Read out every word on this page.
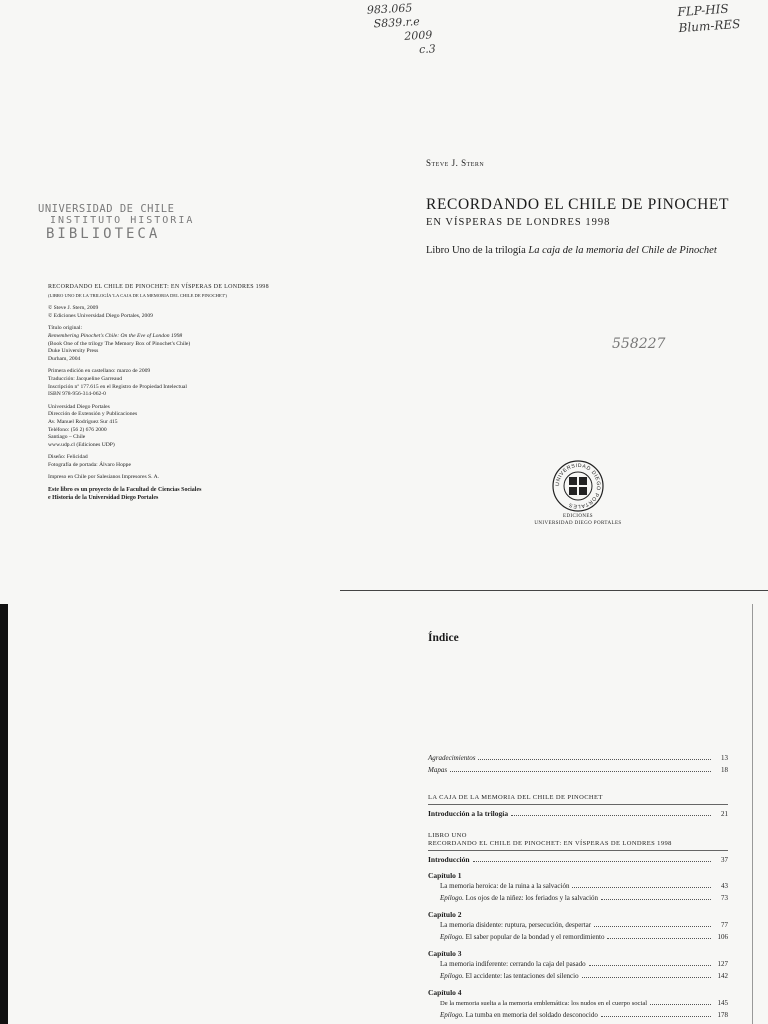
983.065
S839.r.e
2009
c.3
FLP-HIS
Blum-RES
558227
Steve J. Stern
RECORDANDO EL CHILE DE PINOCHET
EN VÍSPERAS DE LONDRES 1998
Libro Uno de la trilogía La caja de la memoria del Chile de Pinochet
UNIVERSIDAD DE CHILE
INSTITUTO HISTORIA
BIBLIOTECA

RECORDANDO EL CHILE DE PINOCHET: EN VÍSPERAS DE LONDRES 1998
(LIBRO UNO DE LA TRILOGÍA 'LA CAJA DE LA MEMORIA DEL CHILE DE PINOCHET')

© Steve J. Stern, 2009
© Ediciones Universidad Diego Portales, 2009

Título original:
Remembering Pinochet's Chile: On the Eve of London 1998
(Book One of the trilogy The Memory Box of Pinochet's Chile)
Duke University Press
Durham, 2004

Primera edición en castellano: marzo de 2009
Traducción: Jacqueline Garreaud
Inscripción nº 177.615 en el Registro de Propiedad Intelectual
ISBN 978-956-314-062-0

Universidad Diego Portales
Dirección de Extensión y Publicaciones
Av. Manuel Rodríguez Sur 415
Teléfono: (56 2) 676 2000
Santiago – Chile
www.udp.cl (Ediciones UDP)

Diseño: Felicidad
Fotografía de portada: Álvaro Hoppe

Impreso en Chile por Salesianos Impresores S. A.

Este libro es un proyecto de la Facultad de Ciencias Sociales
e Historia de la Universidad Diego Portales

UNIVERSIDAD DIEGO PORTALES
EDICIONES
UNIVERSIDAD DIEGO PORTALES
Índice
Agradecimientos	13
Mapas	18
LA CAJA DE LA MEMORIA DEL CHILE DE PINOCHET
Introducción a la trilogía	21
LIBRO UNO
RECORDANDO EL CHILE DE PINOCHET: EN VÍSPERAS DE LONDRES 1998
Introducción	37
Capítulo 1
La memoria heroica: de la ruina a la salvación	43
Epílogo. Los ojos de la niñez: los feriados y la salvación	73
Capítulo 2
La memoria disidente: ruptura, persecución, despertar	77
Epílogo. El saber popular de la bondad y el remordimiento	106
Capítulo 3
La memoria indiferente: cerrando la caja del pasado	127
Epílogo. El accidente: las tentaciones del silencio	142
Capítulo 4
De la memoria suelta a la memoria emblemática: los nudos en el cuerpo social	145
Epílogo. La tumba en memoria del soldado desconocido	178
